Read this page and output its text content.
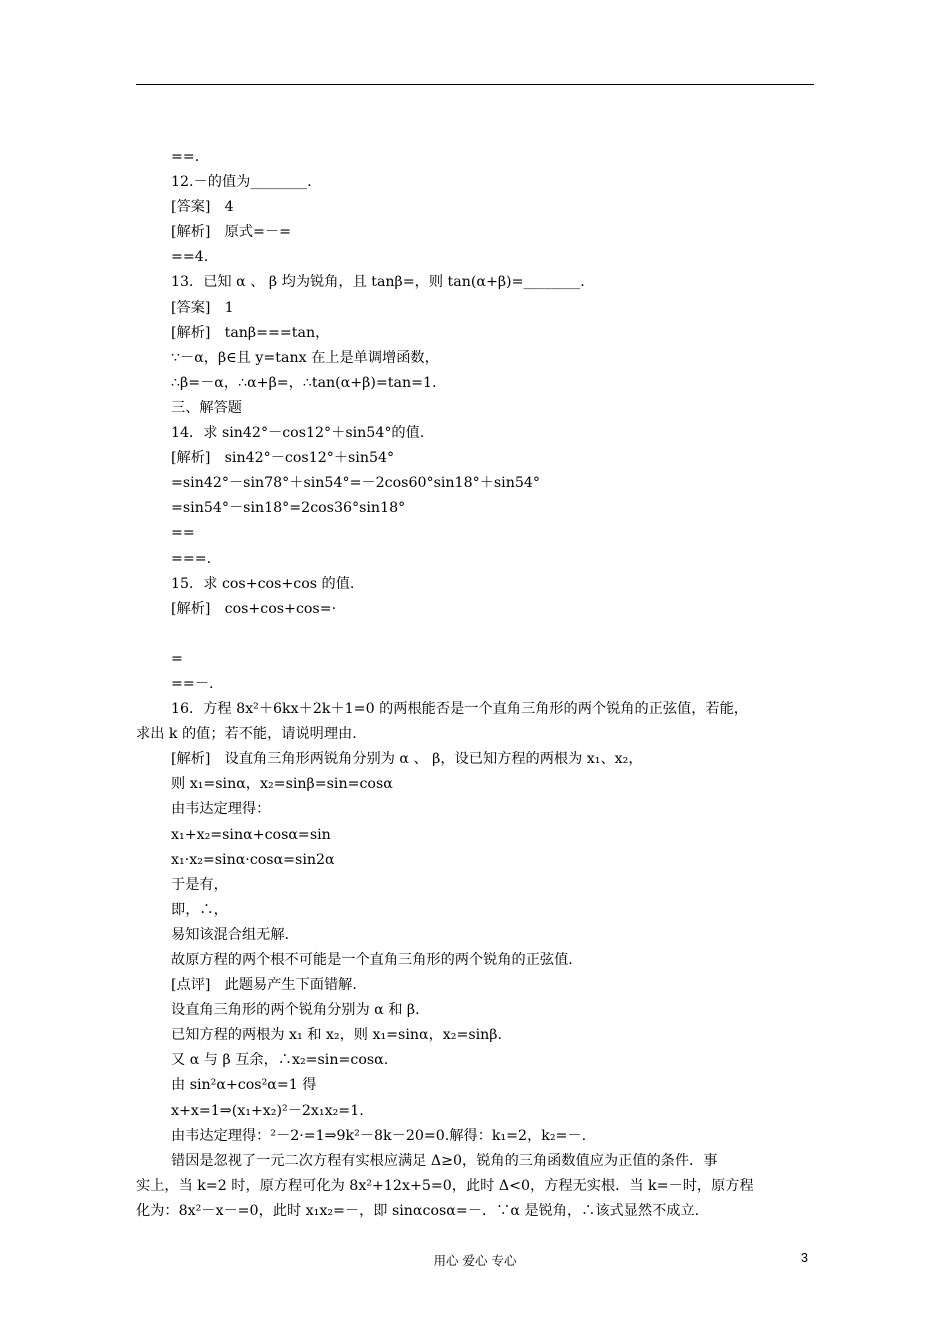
==.
12.－的值为________.
[答案]　4
[解析]　原式=－=
==4.
13．已知 α 、 β 均为锐角，且 tanβ=，则 tan(α+β)=________.
[答案]　1
[解析]　tanβ===tan，
∵－α，β∈且 y=tanx 在上是单调增函数，
∴β=－α，∴α+β=，∴tan(α+β)=tan=1.
三、解答题
14．求 sin42°－cos12°＋sin54°的值.
[解析]　sin42°－cos12°＋sin54°
=sin42°－sin78°＋sin54°=－2cos60°sin18°＋sin54°
=sin54°－sin18°=2cos36°sin18°
==
===.
15．求 cos+cos+cos 的值.
[解析]　cos+cos+cos=·
=
==－.
16．方程 8x²＋6kx＋2k＋1=0 的两根能否是一个直角三角形的两个锐角的正弦值，若能，
求出 k 的值；若不能，请说明理由.
[解析]　设直角三角形两锐角分别为 α 、 β，设已知方程的两根为 x₁、x₂，
则 x₁=sinα，x₂=sinβ=sin=cosα
由韦达定理得：
x₁+x₂=sinα+cosα=sin
x₁·x₂=sinα·cosα=sin2α
于是有，
即，∴，
易知该混合组无解.
故原方程的两个根不可能是一个直角三角形的两个锐角的正弦值.
[点评]　此题易产生下面错解.
设直角三角形的两个锐角分别为 α 和 β.
已知方程的两根为 x₁ 和 x₂，则 x₁=sinα，x₂=sinβ.
又 α 与 β 互余，∴x₂=sin=cosα.
由 sin²α+cos²α=1 得
x+x=1⇒(x₁+x₂)²－2x₁x₂=1.
由韦达定理得：²－2·=1⇒9k²－8k－20=0.解得：k₁=2，k₂=－.
错因是忽视了一元二次方程有实根应满足 Δ≥0，锐角的三角函数值应为正值的条件．事
实上，当 k=2 时，原方程可化为 8x²+12x+5=0，此时 Δ<0，方程无实根．当 k=－时，原方程
化为：8x²－x－=0，此时 x₁x₂=－，即 sinαcosα=－．∵α 是锐角，∴该式显然不成立.
用心 爱心 专心	3
